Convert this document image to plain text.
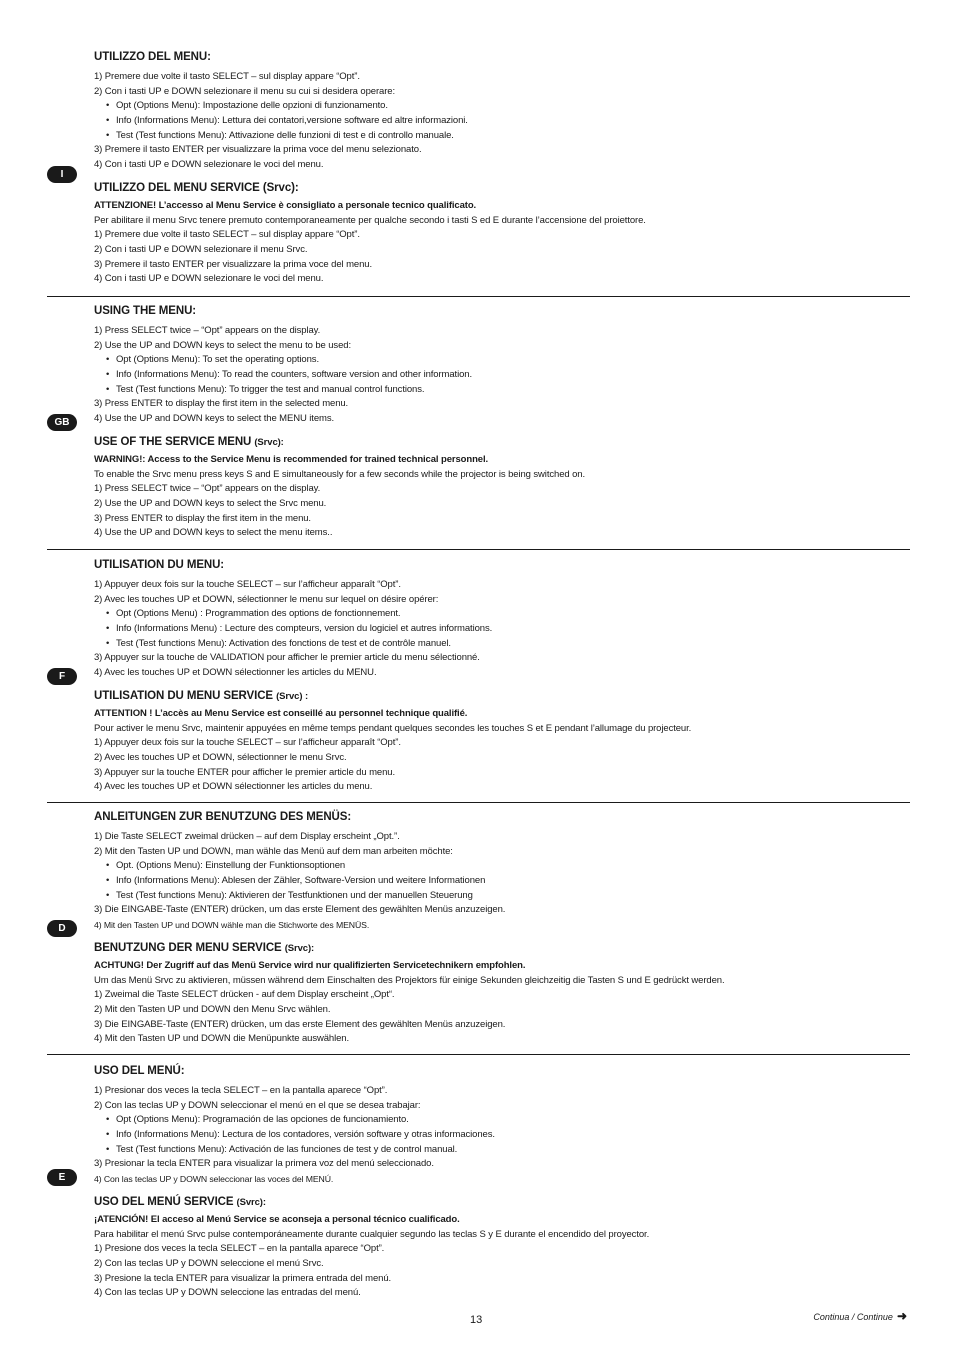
I
UTILIZZO DEL MENU:
1) Premere due volte il tasto SELECT – sul display appare “Opt”.
2) Con i tasti UP e DOWN selezionare il menu su cui si desidera operare:
• Opt (Options Menu): Impostazione delle opzioni di funzionamento.
• Info (Informations Menu): Lettura dei contatori,versione software ed altre informazioni.
• Test (Test functions Menu): Attivazione delle funzioni di test e di controllo manuale.
3) Premere il tasto ENTER per visualizzare la prima voce del menu selezionato.
4) Con i tasti UP e DOWN selezionare le voci del menu.
UTILIZZO DEL MENU SERVICE (Srvc):
ATTENZIONE! L’accesso al Menu Service è consigliato a personale tecnico qualificato.
Per abilitare il menu Srvc tenere premuto contemporaneamente per qualche secondo i tasti S ed E durante l’accensione del proiettore.
1) Premere due volte il tasto SELECT – sul display appare “Opt”.
2) Con i tasti UP e DOWN selezionare il menu Srvc.
3) Premere il tasto ENTER per visualizzare la prima voce del menu.
4) Con i tasti UP e DOWN selezionare le voci del menu.
GB
USING THE MENU:
1) Press SELECT twice – “Opt” appears on the display.
2) Use the UP and DOWN keys to select the menu to be used:
• Opt (Options Menu): To set the operating options.
• Info (Informations Menu): To read the counters, software version and other information.
• Test (Test functions Menu): To trigger the test and manual control functions.
3) Press ENTER to display the first item in the selected menu.
4) Use the UP and DOWN keys to select the MENU items.
USE OF THE SERVICE MENU (Srvc):
WARNING!: Access to the Service Menu is recommended for trained technical personnel.
To enable the Srvc menu press keys S and E simultaneously for a few seconds while the projector is being switched on.
1) Press SELECT twice – “Opt” appears on the display.
2) Use the UP and DOWN keys to select the Srvc menu.
3) Press ENTER to display the first item in the menu.
4) Use the UP and DOWN keys to select the menu items..
F
UTILISATION DU MENU:
1) Appuyer deux fois sur la touche SELECT – sur l’afficheur apparaît “Opt”.
2) Avec les touches UP et DOWN, sélectionner le menu sur lequel on désire opérer:
• Opt (Options Menu) : Programmation des options de fonctionnement.
• Info (Informations Menu) : Lecture des compteurs, version du logiciel et autres informations.
• Test (Test functions Menu): Activation des fonctions de test et de contrôle manuel.
3) Appuyer sur la touche de VALIDATION pour afficher le premier article du menu sélectionné.
4) Avec les touches UP et DOWN sélectionner les articles du MENU.
UTILISATION DU MENU SERVICE (Srvc) :
ATTENTION ! L’accès au Menu Service est conseillé au personnel technique qualifié.
Pour activer le menu Srvc, maintenir appuyées en même temps pendant quelques secondes les touches S et E pendant l’allumage du projecteur.
1) Appuyer deux fois sur la touche SELECT – sur l’afficheur apparaît “Opt”.
2) Avec les touches UP et DOWN, sélectionner le menu Srvc.
3) Appuyer sur la touche ENTER pour afficher le premier article du menu.
4) Avec les touches UP et DOWN sélectionner les articles du menu.
D
ANLEITUNGEN ZUR BENUTZUNG DES MENÜS:
1) Die Taste SELECT zweimal drücken – auf dem Display erscheint „Opt.”.
2) Mit den Tasten UP und DOWN, man wähle das Menü auf dem man arbeiten möchte:
• Opt. (Options Menu): Einstellung der Funktionsoptionen
• Info (Informations Menu): Ablesen der Zähler, Software-Version und weitere Informationen
• Test (Test functions Menu): Aktivieren der Testfunktionen und der manuellen Steuerung
3) Die EINGABE-Taste (ENTER) drücken, um das erste Element des gewählten Menüs anzuzeigen.
4) Mit den Tasten UP und DOWN wähle man die Stichworte des MENÜS.
BENUTZUNG DER MENU SERVICE (Srvc):
ACHTUNG! Der Zugriff auf das Menü Service wird nur qualifizierten Servicetechnikern empfohlen.
Um das Menü Srvc zu aktivieren, müssen während dem Einschalten des Projektors für einige Sekunden gleichzeitig die Tasten S und E gedrückt werden.
1) Zweimal die Taste SELECT drücken - auf dem Display erscheint „Opt“.
2) Mit den Tasten UP und DOWN den Menu Srvc wählen.
3) Die EINGABE-Taste (ENTER) drücken, um das erste Element des gewählten Menüs anzuzeigen.
4) Mit den Tasten UP und DOWN die Menüpunkte auswählen.
E
USO DEL MENÚ:
1) Presionar dos veces la tecla SELECT – en la pantalla aparece “Opt”.
2) Con las teclas UP y DOWN seleccionar el menú en el que se desea trabajar:
• Opt (Options Menu): Programación de las opciones de funcionamiento.
• Info (Informations Menu): Lectura de los contadores, versión software y otras informaciones.
• Test (Test functions Menu): Activación de las funciones de test y de control manual.
3) Presionar la tecla ENTER para visualizar la primera voz del menú seleccionado.
4) Con las teclas UP y DOWN seleccionar las voces del MENÚ.
USO DEL MENÚ SERVICE (Svrc):
¡ATENCIÓN! El acceso al Menú Service se aconseja a personal técnico cualificado.
Para habilitar el menú Srvc pulse contemporáneamente durante cualquier segundo las teclas S y E durante el encendido del proyector.
1) Presione dos veces la tecla SELECT – en la pantalla aparece “Opt”.
2) Con las teclas UP y DOWN seleccione el menú Srvc.
3) Presione la tecla ENTER para visualizar la primera entrada del menú.
4) Con las teclas UP y DOWN seleccione las entradas del menú.
13	Continua / Continue ➜
